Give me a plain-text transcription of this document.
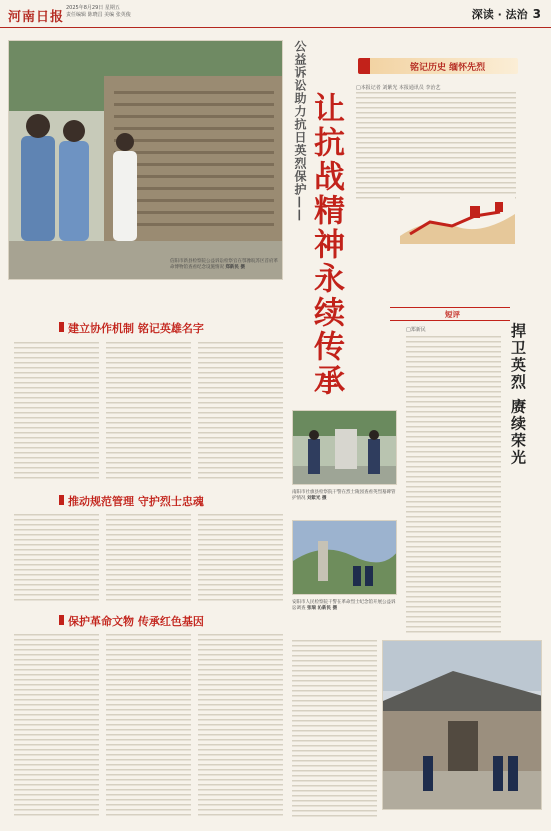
河南日报
2025年8月29日 星期五
责任编辑 陈晓昌 美编 张英俊	深读 · 法治 3
信阳市新县检察院公益诉讼检察官在鄂豫皖苏区首府革命博物馆查看纪念设施情况 郑新民 摄
公益诉讼助力抗日英烈保护—— 让抗战精神永续传承
铭记历史 缅怀先烈
□本报记者 刘紫光 本报通讯员 李治艺
建立协作机制 铭记英雄名字
推动规范管理 守护烈士忠魂
保护革命文物 传承红色基因
南阳市社旗县检察院干警在烈士陵园查看英烈墓碑管护情况 刘紫光 摄
安阳市人民检察院干警在革命烈士纪念馆开展公益诉讼调查 张瑞 沁新民 摄
短评
□郑新民	捍卫英烈 赓续荣光
